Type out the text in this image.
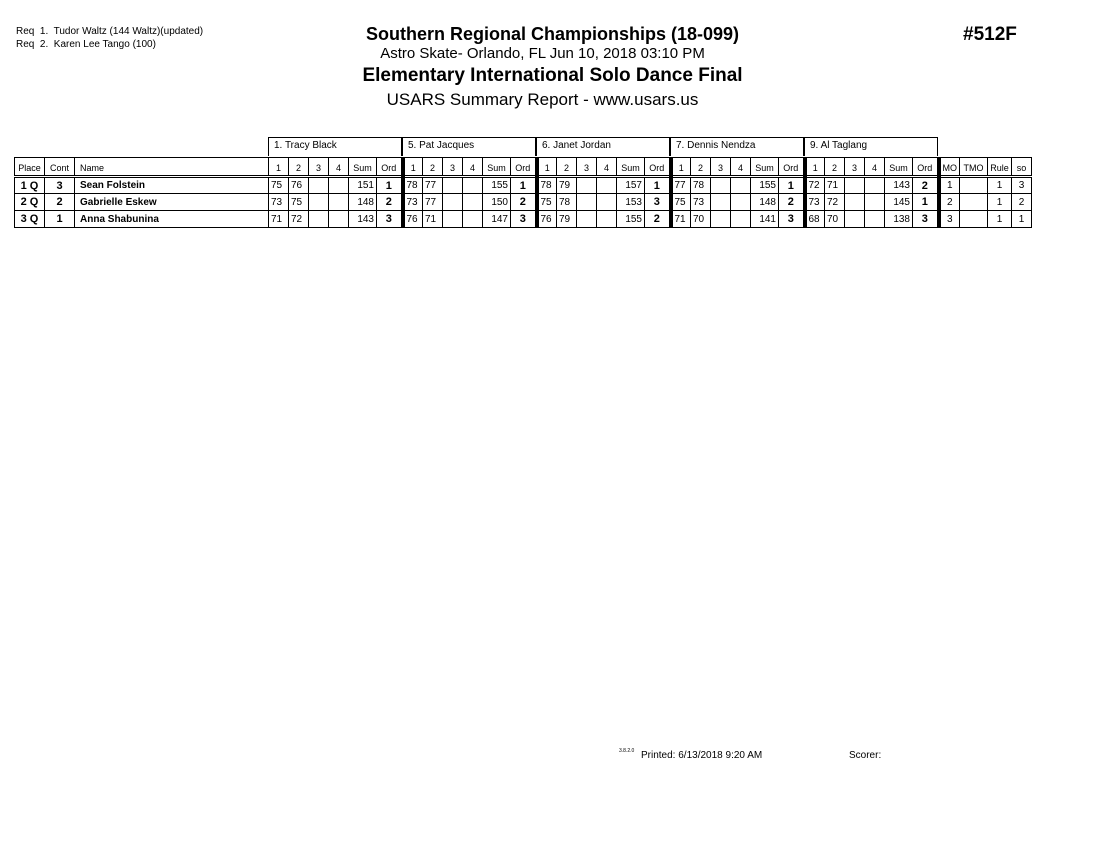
Req  1.  Tudor Waltz (144 Waltz)(updated)
Req  2.  Karen Lee Tango (100)
Southern Regional Championships (18-099)
Astro Skate- Orlando, FL Jun 10, 2018 03:10 PM
Elementary International Solo Dance Final
USARS Summary Report - www.usars.us
#512F
1. Tracy Black	5. Pat Jacques	6. Janet Jordan	7. Dennis Nendza	9. Al Taglang
Place	Cont	Name	1	2	3	4	Sum	Ord	1	2	3	4	Sum	Ord	1	2	3	4	Sum	Ord	1	2	3	4	Sum	Ord	1	2	3	4	Sum	Ord	MO	TMO	Rule	so
1 Q	3	Sean Folstein	75	76			151	1	78	77			155	1	78	79			157	1	77	78			155	1	72	71			143	2	1		1	3
2 Q	2	Gabrielle Eskew	73	75			148	2	73	77			150	2	75	78			153	3	75	73			148	2	73	72			145	1	2		1	2
3 Q	1	Anna Shabunina	71	72			143	3	76	71			147	3	76	79			155	2	71	70			141	3	68	70			138	3	3		1	1
3.8.2.0 Printed: 6/13/2018 9:20 AM	Scorer:
